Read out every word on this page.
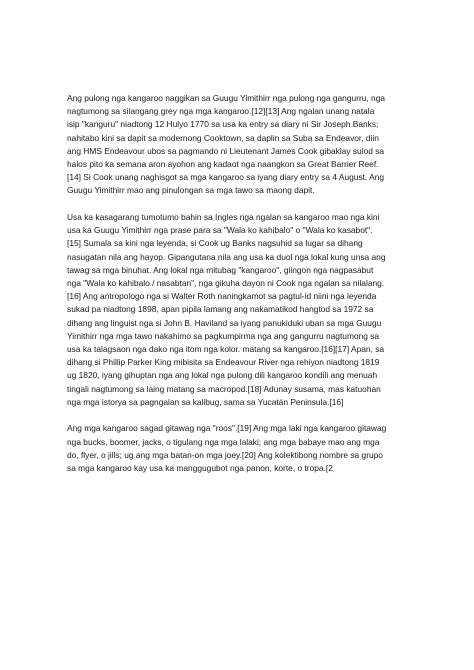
Ang pulong nga kangaroo naggikan sa Guugu Yimithirr nga pulong nga gangurru, nga
nagtumong sa silangang grey nga mga kangaroo.[12][13] Ang ngalan unang natala
isip "kanguru" niadtong 12 Hulyo 1770 sa usa ka entry sa diary ni Sir Joseph Banks;
nahitabo kini sa dapit sa modernong Cooktown, sa daplin sa Suba sa Endeavor, diin
ang HMS Endeavour ubos sa pagmando ni Lieutenant James Cook gibaklay sulod sa
halos pito ka semana aron ayohon ang kadaot nga naangkon sa Great Barrier Reef.
[14] Si Cook unang naghisgot sa mga kangaroo sa iyang diary entry sa 4 August. Ang
Guugu Yimithirr mao ang pinulongan sa mga tawo sa maong dapit.

Usa ka kasagarang tumotumo bahin sa Ingles nga ngalan sa kangaroo mao nga kini
usa ka Guugu Yimithirr nga prase para sa "Wala ko kahibalo" o "Wala ko kasabot".
[15] Sumala sa kini nga leyenda, si Cook ug Banks nagsuhid sa lugar sa dihang
nasugatan nila ang hayop. Gipangutana nila ang usa ka duol nga lokal kung unsa ang
tawag sa mga binuhat. Ang lokal nga mitubag "kangaroo", giingon nga nagpasabut
nga "Wala ko kahibalo / nasabtan", nga gikuha dayon ni Cook nga ngalan sa nilalang.
[16] Ang antropologo nga si Walter Roth naningkamot sa pagtul-id niini nga leyenda
sukad pa niadtong 1898, apan pipila lamang ang nakamatikod hangtod sa 1972 sa
dihang ang linguist nga si John B. Haviland sa iyang panukiduki uban sa mga Guugu
Yimithirr nga mga tawo nakahimo sa pagkumpirma nga ang gangurru nagtumong sa
usa ka talagsaon nga dako nga itom nga kolor. matang sa kangaroo.[16][17] Apan, sa
dihang si Phillip Parker King mibisita sa Endeavour River nga rehiyon niadtong 1819
ug 1820, iyang gihuptan nga ang lokal nga pulong dili kangaroo kondili ang menuah
tingali nagtumong sa laing matang sa macropod.[18] Adunay susama, mas katuohan
nga mga istorya sa pagngalan sa kalibug, sama sa Yucatán Peninsula.[16]

Ang mga kangaroo sagad gitawag nga "roos".[19] Ang mga laki nga kangaroo gitawag
nga bucks, boomer, jacks, o tigulang nga mga lalaki; ang mga babaye mao ang mga
do, flyer, o jills; ug ang mga batan-on mga joey.[20] Ang kolektibong nombre sa grupo
sa mga kangaroo kay usa ka manggugubot nga panon, korte, o tropa.[2
